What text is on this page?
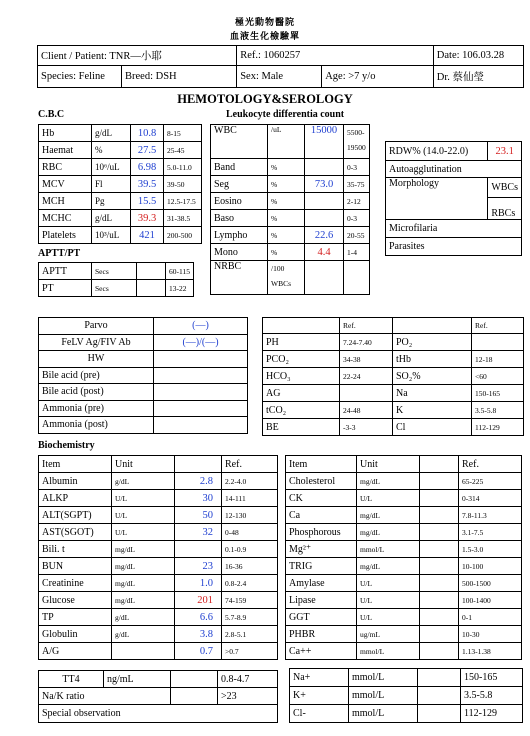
極光動物醫院
血液生化檢驗單
Client / Patient: TNR—小耶		Ref.: 1060257		Date: 106.03.28
Species: Feline	Breed: DSH	Sex: Male	Age: >7 y/o	Dr. 蔡仙瑩
HEMOTOLOGY&SEROLOGY
C.B.C
Hb	g/dL	10.8	8-15
Haemat	%	27.5	25-45
RBC	10⁶/uL	6.98	5.0-11.0
MCV	Fl	39.5	39-50
MCH	Pg	15.5	12.5-17.5
MCHC	g/dL	39.3	31-38.5
Platelets	10³/uL	421	200-500
APTT/PT
APTT	Secs		60-115
PT	Secs		13-22
Leukocyte differentia count
WBC	/uL	15000	5500-
19500

Band	%		0-3
Seg	%	73.0	35-75
Eosino	%		2-12
Baso	%		0-3
Lympho	%	22.6	20-55
Mono	%	4.4	1-4
NRBC	/100
WBCs		

RDW% (14.0-22.0)	23.1
Autoagglutination	
Morphology	WBCs
	RBCs
Microfilaria	
Parasites	
Parvo	(—)
FeLV Ag/FIV Ab	(—)/(—)
HW	
Bile acid (pre)	
Bile acid (post)	
Ammonia (pre)	
Ammonia (post)	
	Ref.		Ref.
PH	7.24-7.40	PO₂	
PCO₂	34-38	tHb	12-18
HCO₃	22-24	SO₂%	<60
AG		Na	150-165
tCO₂	24-48	K	3.5-5.8
BE	-3-3	Cl	112-129
Biochemistry
Item	Unit		Ref.
Albumin	g/dL	2.8	2.2-4.0
ALKP	U/L	30	14-111
ALT(SGPT)	U/L	50	12-130
AST(SGOT)	U/L	32	0-48
Bili. t	mg/dL		0.1-0.9
BUN	mg/dL	23	16-36
Creatinine	mg/dL	1.0	0.8-2.4
Glucose	mg/dL	201	74-159
TP	g/dL	6.6	5.7-8.9
Globulin	g/dL	3.8	2.8-5.1
A/G		0.7	>0.7
Item	Unit		Ref.
Cholesterol	mg/dL		65-225
CK	U/L		0-314
Ca	mg/dL		7.8-11.3
Phosphorous	mg/dL		3.1-7.5
Mg²⁺	mmol/L		1.5-3.0
TRIG	mg/dL		10-100
Amylase	U/L		500-1500
Lipase	U/L		100-1400
GGT	U/L		0-1
PHBR	ug/mL		10-30
Ca++	mmol/L		1.13-1.38
TT4	ng/mL		0.8-4.7
Na/K ratio			>23
Special observation			
Na+	mmol/L		150-165
K+	mmol/L		3.5-5.8
Cl-	mmol/L		112-129
